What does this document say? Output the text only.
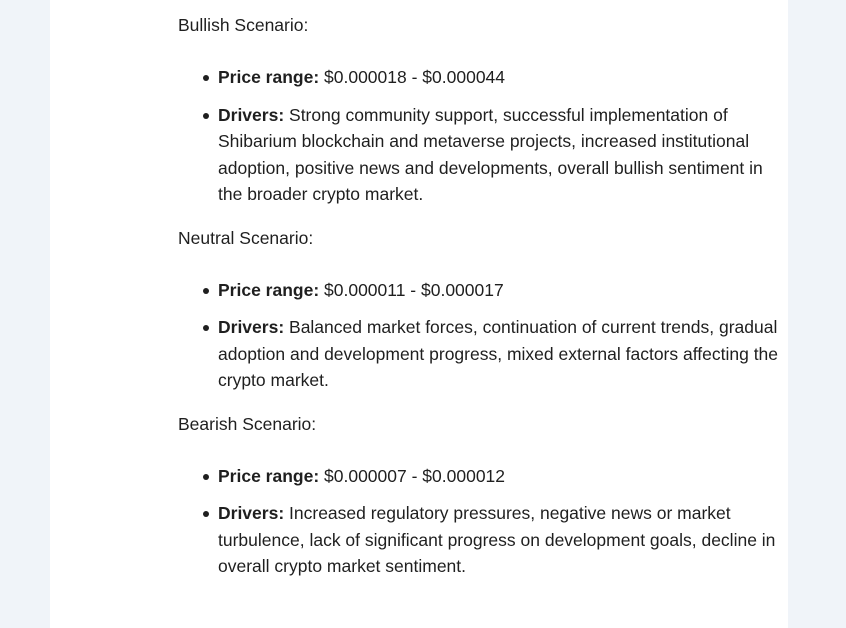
Bullish Scenario:

Price range: $0.000018 - $0.000044
Drivers: Strong community support, successful implementation of Shibarium blockchain and metaverse projects, increased institutional adoption, positive news and developments, overall bullish sentiment in the broader crypto market.

Neutral Scenario:

Price range: $0.000011 - $0.000017
Drivers: Balanced market forces, continuation of current trends, gradual adoption and development progress, mixed external factors affecting the crypto market.

Bearish Scenario:

Price range: $0.000007 - $0.000012
Drivers: Increased regulatory pressures, negative news or market turbulence, lack of significant progress on development goals, decline in overall crypto market sentiment.
